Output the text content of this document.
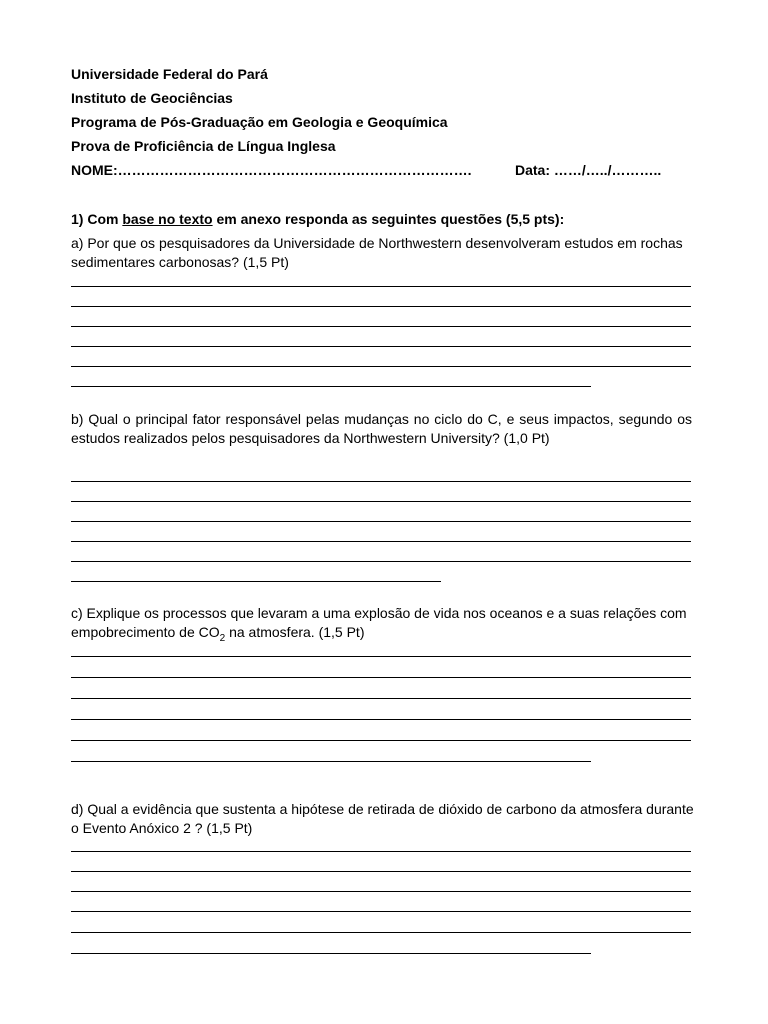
Universidade Federal do Pará
Instituto de Geociências
Programa de Pós-Graduação em Geologia e Geoquímica
Prova de Proficiência de Língua Inglesa
NOME:………………………………………………………………….	Data: ……/…../………..
1) Com base no texto em anexo responda as seguintes questões (5,5 pts):
a) Por que os pesquisadores da Universidade de Northwestern desenvolveram estudos em rochas sedimentares carbonosas? (1,5 Pt)
b) Qual o principal fator responsável pelas mudanças no ciclo do C, e seus impactos, segundo os estudos realizados pelos pesquisadores da Northwestern University? (1,0 Pt)
c) Explique os processos que levaram a uma explosão de vida nos oceanos e a suas relações com empobrecimento de $CO_2$ na atmosfera. (1,5 Pt)
d) Qual a evidência que sustenta a hipótese de retirada de dióxido de carbono da atmosfera durante o Evento Anóxico 2 ? (1,5 Pt)
